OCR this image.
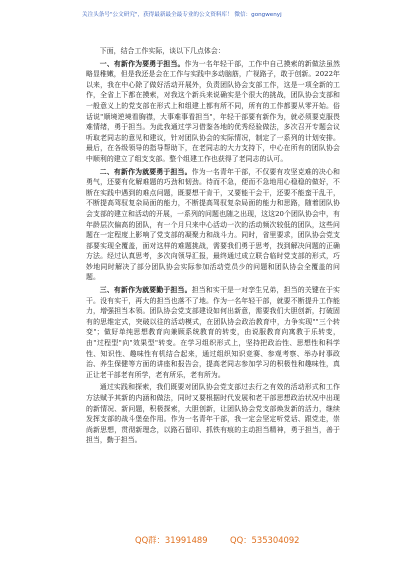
关注头条号"公文研究"，获得最新最全最专业的公文资料库！ 微信：gongwenyj

下面，结合工作实际，谈以下几点体会：

一、有新作为要勇于担当。作为一名年轻干部，工作中自己摸索的新做法虽然略显稚嫩，但是我还是会在工作与实践中多动脑筋，广视路子，敢于创新。2022年以来，我在中心除了做好活动开展外，负责团队协会支部工作，这是一项全新的工作，全省上下都在摸索，对我这个新兵来说确实是个很大的挑战，团队协会支部和一般意义上的党支部在形式上和组建上都有所不同，所有的工作都要从零开始。俗话说"顺境逆境看胸襟，大事难事看担当"，年轻干部要有新作为，就必须要克服畏难情绪，勇于担当。为此我通过学习借鉴各地的优秀经验做法，多次召开专题会议听取老同志的意见和建议，针对团队协会的实际情况，制定了一系列的计划安排。最后，在各级领导的指导帮助下，在老同志的大力支持下，中心在所有的团队协会中顺利的建立了组支支部。整个组建工作也获得了老同志的认可。

二、有新作为就要勇于担当。作为一名青年干部，不仅要有攻坚克难的决心和勇气，还要有化解难题的巧劲和韧劲。待而不急，便而不急地用心稳稳的做好，不断在实践中遇到的难点问题，既要想干肯干，又要能干会干，还要不能蛮干乱干，不断提高驾驭复杂局面的能力，不断提高驾驭复杂局面的能力和思路，随着团队协会支部的建立和活动的开展，一系列的问题也随之出现，这这20个团队协会中，有年龄层次偏高的团队，有一个月只来中心活动一次的活动频次较低的团队，这些问题在一定程度上影响了党支部的凝聚力和战斗力。同时，省里要求，团队协会党支部要实现全覆盖，面对这样的难题挑战，需要我们勇于思考，找到解决问题的正确方法。经过认真思考，多次向领导汇报，最终通过成立联合临时党支部的形式，巧妙地同时解决了部分团队协会实际参加活动党员少的问题和团队协会全覆盖的问题。

三、有新作为就要勤于担当。担当和实干是一对孪生兄弟，担当的关键在于实干。没有实干，再大的担当也落不了地。作为一名年轻干部，就要不断提升工作能力，增强担当本领。团队协会党支部建设如何出新意，需要我们大胆创新，打破固有的思维定式，突破以往的活动模式，在团队协会政治教育中，力争实现""三个转变"；做好单纯思想教育向兼顾系统教育的转变，由说服教育向寓教于乐转变，由"过程型"向"效果型"转变。在学习组织形式上，坚持把政治性、思想性和科学性、知识性、趣味性有机结合起来，通过组织知识竞赛、参观考察、举办时事政治、养生保健等方面的讲座和报告会，提高老同志参加学习的积极性和趣味性，真正让老干部老有所学，老有所乐，老有所为。

通过实践和探索，我们既要对团队协会党支部过去行之有效的活动形式和工作方法赋予其新的内涵和做法，同时又要根据时代发展和老干部思想政治状况中出现的新情况、新问题，积极探索，大胆创新，让团队协会党支部焕发新的活力，继续发挥支部的战斗堡垒作用。作为一名青年干部，我一定会坚定听党话、跟党走，崇尚新思想，贯彻新理念，以路石留印、抓铁有痕的主动担当精神，勇于担当，善于担当，勤于担当。

QQ群：31991489	QQ：535304092
